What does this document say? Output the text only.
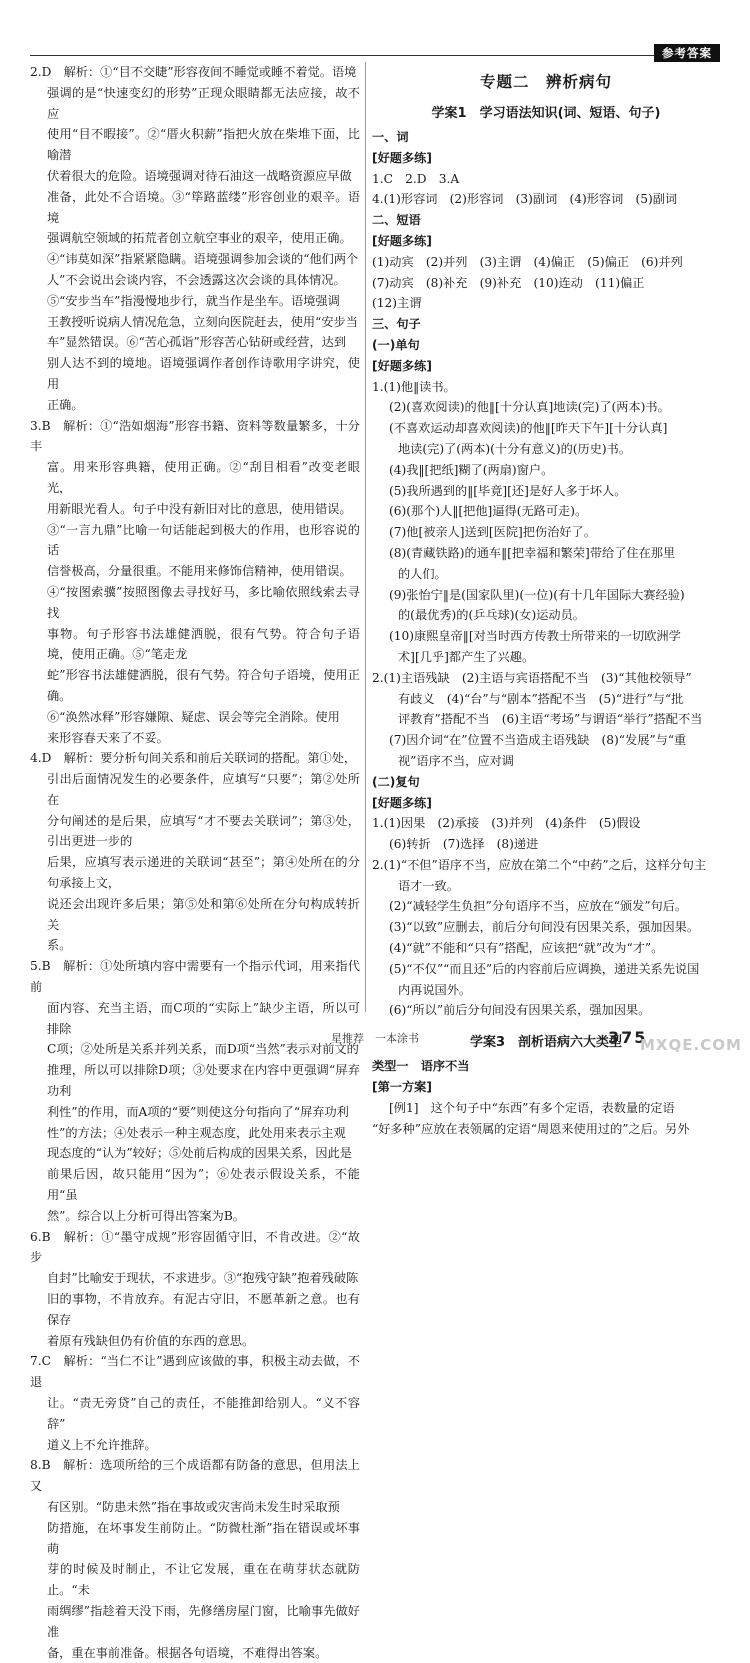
参考答案

2.D　解析：①“目不交睫”形容夜间不睡觉或睡不着觉。语境

强调的是“快速变幻的形势”正现众眼睛都无法应接，故不应

使用“目不暇接”。②“厝火积薪”指把火放在柴堆下面，比喻潜

伏着很大的危险。语境强调对待石油这一战略资源应早做

准备，此处不合语境。③“筚路蓝缕”形容创业的艰辛。语境

强调航空领域的拓荒者创立航空事业的艰辛，使用正确。

④“讳莫如深”指紧紧隐瞒。语境强调参加会谈的“他们两个

人”不会说出会谈内容，不会透露这次会谈的具体情况。

⑤“安步当车”指漫慢地步行，就当作是坐车。语境强调

王教授听说病人情况危急，立刻向医院赶去，使用“安步当

车”显然错误。⑥“苦心孤诣”形容苦心钻研或经营，达到

别人达不到的境地。语境强调作者创作诗歌用字讲究，使用

正确。

3.B　解析：①“浩如烟海”形容书籍、资料等数量繁多，十分丰

富。用来形容典籍，使用正确。②“刮目相看”改变老眼光，

用新眼光看人。句子中没有新旧对比的意思，使用错误。

③“一言九鼎”比喻一句话能起到极大的作用，也形容说的话

信誉极高，分量很重。不能用来修饰信精神，使用错误。

④“按图索骥”按照图像去寻找好马，多比喻依照线索去寻找

事物。句子形容书法雄健洒脱，很有气势。符合句子语境，使用正确。⑤“笔走龙

蛇”形容书法雄健洒脱，很有气势。符合句子语境，使用正确。

⑥“涣然冰释”形容嫌隙、疑虑、误会等完全消除。使用

来形容春天来了不妥。

4.D　解析：要分析句间关系和前后关联词的搭配。第①处，

引出后面情况发生的必要条件，应填写“只要”；第②处所在

分句阐述的是后果，应填写“才不要去关联词”；第③处，引出更进一步的

后果，应填写表示递进的关联词“甚至”；第④处所在的分句承接上文，

说还会出现许多后果；第⑤处和第⑥处所在分句构成转折关

系。

5.B　解析：①处所填内容中需要有一个指示代词，用来指代前

面内容、充当主语，而C项的“实际上”缺少主语，所以可排除

C项；②处所是关系并列关系，而D项“当然”表示对前文的

推理，所以可以排除D项；③处要求在内容中更强调“屏弃功利

利性”的作用，而A项的“要”则使这分句指向了“屏弃功利

性”的方法；④处表示一种主观态度，此处用来表示主观

现态度的“认为”较好；⑤处前后构成的因果关系，因此是

前果后因，故只能用“因为”；⑥处表示假设关系，不能用“虽

然”。综合以上分析可得出答案为B。

6.B　解析：①“墨守成规”形容固循守旧，不肯改进。②“故步

自封”比喻安于现状，不求进步。③“抱残守缺”抱着残破陈

旧的事物，不肯放弃。有泥古守旧，不愿革新之意。也有保存

着原有残缺但仍有价值的东西的意思。

7.C　解析：“当仁不让”遇到应该做的事，积极主动去做，不退

让。“责无旁贷”自己的责任，不能推卸给别人。“义不容辞”

道义上不允许推辞。

8.B　解析：选项所给的三个成语都有防备的意思，但用法上又

有区别。“防患未然”指在事故或灾害尚未发生时采取预

防措施，在坏事发生前防止。“防微杜渐”指在错误或坏事萌

芽的时候及时制止，不让它发展，重在在萌芽状态就防止。“未

雨绸缪”指趁着天没下雨，先修缮房屋门窗，比喻事先做好准

备，重在事前准备。根据各句语境，不难得出答案。

专题二　辨析病句
学案1　学习语法知识(词、短语、句子)

一、词

[好题多练]

1.C　2.D　3.A

4.(1)形容词　(2)形容词　(3)副词　(4)形容词　(5)副词

二、短语

[好题多练]

(1)动宾　(2)并列　(3)主谓　(4)偏正　(5)偏正　(6)并列

(7)动宾　(8)补充　(9)补充　(10)连动　(11)偏正

(12)主谓

三、句子

(一)单句

[好题多练]

1.(1)他‖读书。

(2)(喜欢阅读)的他‖[十分认真]地读(完)了(两本)书。

(不喜欢运动却喜欢阅读)的他‖[昨天下午][十分认真]

地读(完)了(两本)(十分有意义)的(历史)书。

(4)我‖[把纸]糊了(两扇)窗户。

(5)我所遇到的‖[毕竟][还]是好人多于坏人。

(6)(那个)人‖[把他]逼得(无路可走)。

(7)他[被亲人]送到[医院]把伤治好了。

(8)(青藏铁路)的通车‖[把幸福和繁荣]带给了住在那里

的人们。

(9)张怡宁‖是(国家队里)(一位)(有十几年国际大赛经验)

的(最优秀)的(乒乓球)(女)运动员。

(10)康熙皇帝‖[对当时西方传教士所带来的一切欧洲学

术][几乎]都产生了兴趣。

2.(1)主语残缺　(2)主语与宾语搭配不当　(3)“其他校领导”

有歧义　(4)“台”与“剧本”搭配不当　(5)“进行”与“批

评教育”搭配不当　(6)主语“考场”与谓语“举行”搭配不当

(7)因介词“在”位置不当造成主语残缺　(8)“发展”与“重

视”语序不当，应对调

(二)复句

[好题多练]

1.(1)因果　(2)承接　(3)并列　(4)条件　(5)假设

(6)转折　(7)选择　(8)递进

2.(1)“不但”语序不当，应放在第二个“中药”之后，这样分句主

语才一致。

(2)“减轻学生负担”分句语序不当，应放在“颁发”句后。

(3)“以致”应删去，前后分句间没有因果关系，强加因果。

(4)“就”不能和“只有”搭配，应该把“就”改为“才”。

(5)“不仅”“而且还”后的内容前后应调换，递进关系先说国

内再说国外。

(6)“所以”前后分句间没有因果关系，强加因果。

学案3　剖析语病六大类型

类型一　语序不当

[第一方案]

[例1]　这个句子中“东西”有多个定语，表数量的定语

“好多种”应放在表领属的定语“周恩来使用过的”之后。另外

星推荐　一本涂书	375
MXQE.COM
